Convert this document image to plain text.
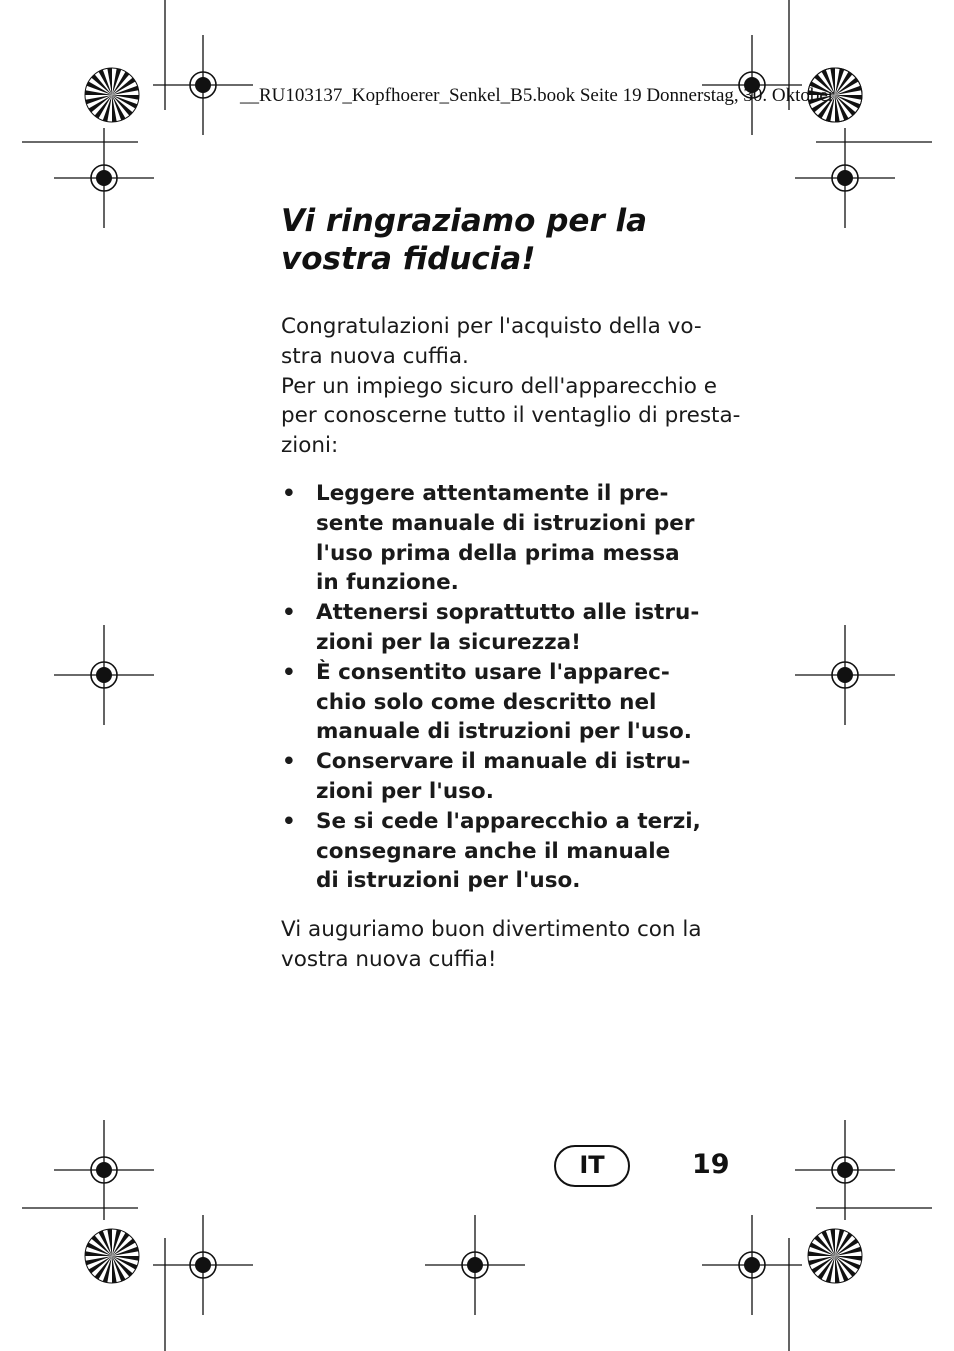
__RU103137_Kopfhoerer_Senkel_B5.book Seite 19 Donnerstag, 30. Oktober
Vi ringraziamo per la
vostra fiducia!
Congratulazioni per l'acquisto della vo-
stra nuova cuffia.
Per un impiego sicuro dell'apparecchio e
per conoscerne tutto il ventaglio di presta-
zioni:
• Leggere attentamente il pre-
sente manuale di istruzioni per
l'uso prima della prima messa
in funzione.
• Attenersi soprattutto alle istru-
zioni per la sicurezza!
• È consentito usare l'apparec-
chio solo come descritto nel
manuale di istruzioni per l'uso.
• Conservare il manuale di istru-
zioni per l'uso.
• Se si cede l'apparecchio a terzi,
consegnare anche il manuale
di istruzioni per l'uso.
Vi auguriamo buon divertimento con la
vostra nuova cuffia!
IT	19
